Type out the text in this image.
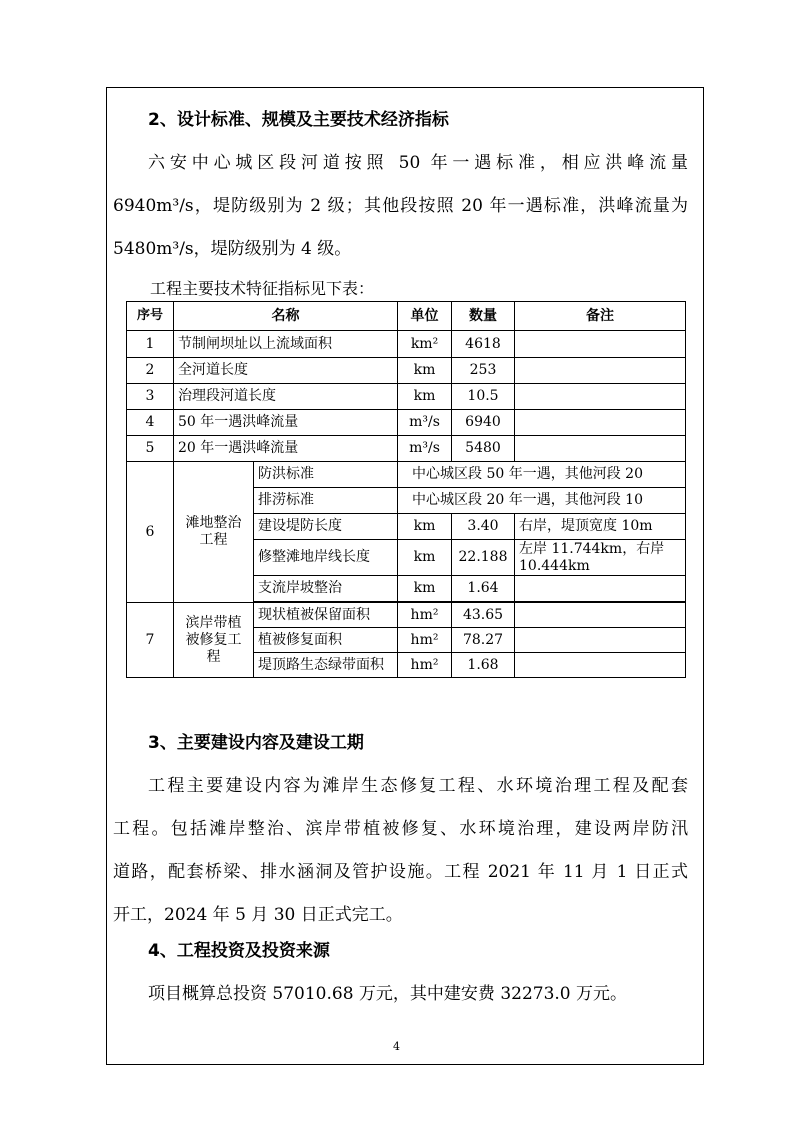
2、设计标准、规模及主要技术经济指标
六安中心城区段河道按照 50 年一遇标准，相应洪峰流量
6940m³/s，堤防级别为 2 级；其他段按照 20 年一遇标准，洪峰流量为
5480m³/s，堤防级别为 4 级。
工程主要技术特征指标见下表：
序号	名称		单位	数量	备注
1	节制闸坝址以上流域面积		km²	4618	
2	全河道长度		km	253	
3	治理段河道长度		km	10.5	
4	50 年一遇洪峰流量		m³/s	6940	
5	20 年一遇洪峰流量		m³/s	5480	
6	滩地整治工程	防洪标准	中心城区段 50 年一遇，其他河段 20		
		排涝标准	中心城区段 20 年一遇，其他河段 10		
		建设堤防长度	km	3.40	右岸，堤顶宽度 10m
		修整滩地岸线长度	km	22.188	左岸 11.744km，右岸 10.444km
		支流岸坡整治	km	1.64	

7	滨岸带植被修复工程	现状植被保留面积	hm²	43.65	
		植被修复面积	hm²	78.27	
		堤顶路生态绿带面积	hm²	1.68	
3、主要建设内容及建设工期
工程主要建设内容为滩岸生态修复工程、水环境治理工程及配套
工程。包括滩岸整治、滨岸带植被修复、水环境治理，建设两岸防汛
道路，配套桥梁、排水涵洞及管护设施。工程 2021 年 11 月 1 日正式
开工，2024 年 5 月 30 日正式完工。
4、工程投资及投资来源
项目概算总投资 57010.68 万元，其中建安费 32273.0 万元。
4
